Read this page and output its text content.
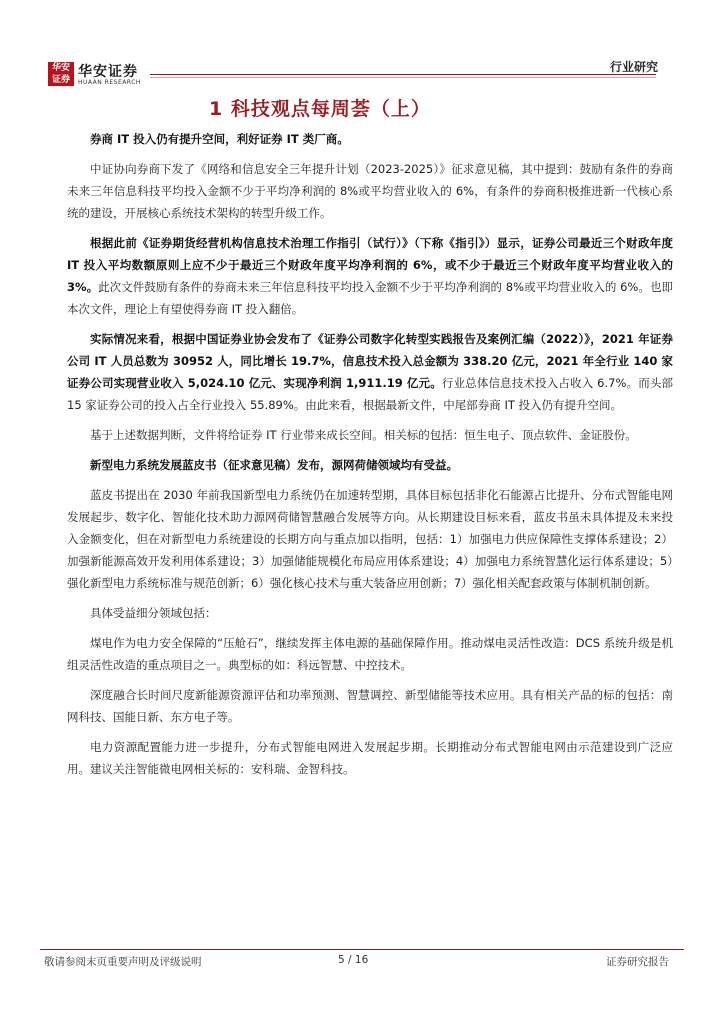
华安证券 华安证券
HUAAN RESEARCH
行业研究
1 科技观点每周荟（上）

券商 IT 投入仍有提升空间，利好证券 IT 类厂商。

中证协向券商下发了《网络和信息安全三年提升计划（2023-2025）》征求意见稿，其中提到：鼓励有条件的券商未来三年信息科技平均投入金额不少于平均净利润的 8%或平均营业收入的 6%，有条件的券商积极推进新一代核心系统的建设，开展核心系统技术架构的转型升级工作。

根据此前《证券期货经营机构信息技术治理工作指引（试行）》（下称《指引》）显示，证券公司最近三个财政年度 IT 投入平均数额原则上应不少于最近三个财政年度平均净利润的 6%，或不少于最近三个财政年度平均营业收入的 3%。此次文件鼓励有条件的券商未来三年信息科技平均投入金额不少于平均净利润的 8%或平均营业收入的 6%。也即本次文件，理论上有望使得券商 IT 投入翻倍。

实际情况来看，根据中国证券业协会发布了《证券公司数字化转型实践报告及案例汇编（2022）》，2021 年证券公司 IT 人员总数为 30952 人，同比增长 19.7%，信息技术投入总金额为 338.20 亿元，2021 年全行业 140 家证券公司实现营业收入 5,024.10 亿元、实现净利润 1,911.19 亿元。行业总体信息技术投入占收入 6.7%。而头部 15 家证券公司的投入占全行业投入 55.89%。由此来看，根据最新文件，中尾部券商 IT 投入仍有提升空间。

基于上述数据判断，文件将给证券 IT 行业带来成长空间。相关标的包括：恒生电子、顶点软件、金证股份。

新型电力系统发展蓝皮书（征求意见稿）发布，源网荷储领域均有受益。

蓝皮书提出在 2030 年前我国新型电力系统仍在加速转型期，具体目标包括非化石能源占比提升、分布式智能电网发展起步、数字化、智能化技术助力源网荷储智慧融合发展等方向。从长期建设目标来看，蓝皮书虽未具体提及未来投入金额变化，但在对新型电力系统建设的长期方向与重点加以指明，包括：1）加强电力供应保障性支撑体系建设；2）加强新能源高效开发利用体系建设；3）加强储能规模化布局应用体系建设；4）加强电力系统智慧化运行体系建设；5）强化新型电力系统标准与规范创新；6）强化核心技术与重大装备应用创新；7）强化相关配套政策与体制机制创新。

具体受益细分领域包括：

煤电作为电力安全保障的“压舱石”，继续发挥主体电源的基础保障作用。推动煤电灵活性改造：DCS 系统升级是机组灵活性改造的重点项目之一。典型标的如：科远智慧、中控技术。

深度融合长时间尺度新能源资源评估和功率预测、智慧调控、新型储能等技术应用。具有相关产品的标的包括：南网科技、国能日新、东方电子等。

电力资源配置能力进一步提升，分布式智能电网进入发展起步期。长期推动分布式智能电网由示范建设到广泛应用。建议关注智能微电网相关标的：安科瑞、金智科技。

敬请参阅末页重要声明及评级说明	5 / 16	证券研究报告
